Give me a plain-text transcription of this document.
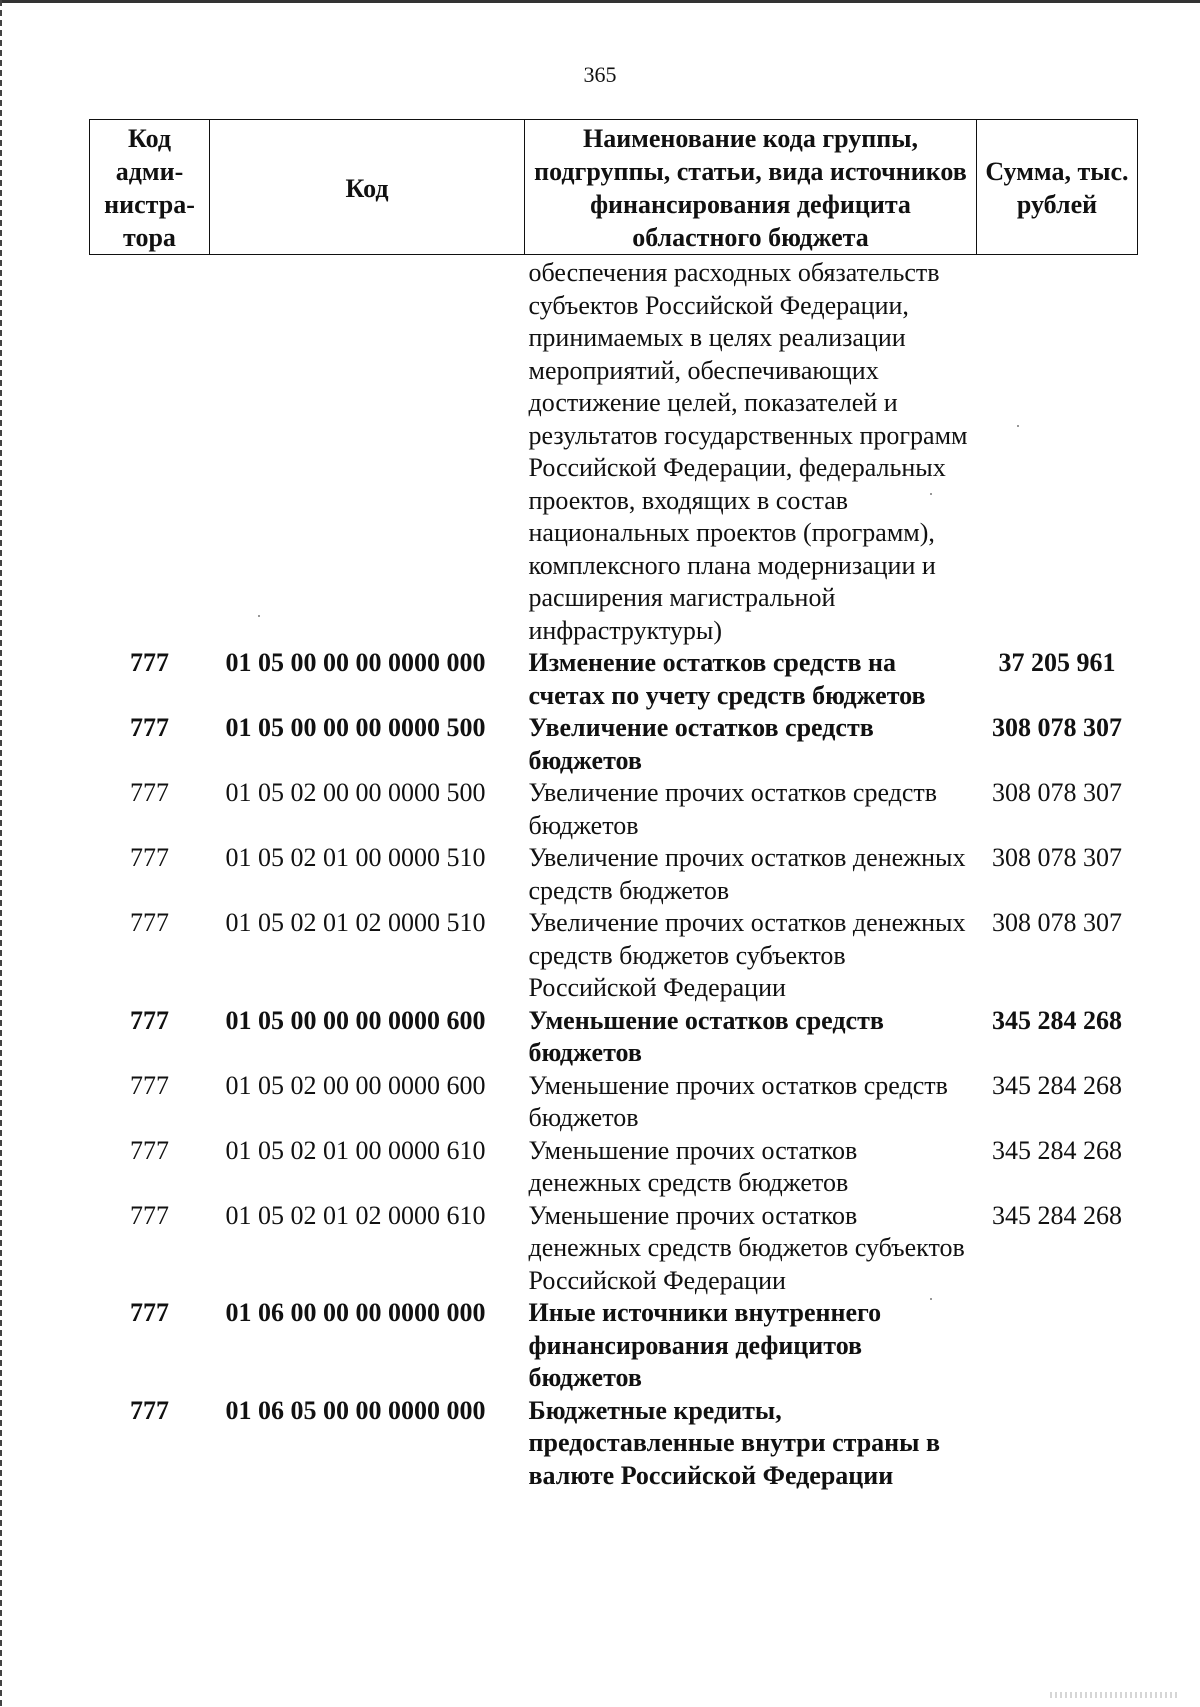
365
Код адми-нистра-тора	Код	Наименование кода группы, подгруппы, статьи, вида источников финансирования дефицита областного бюджета	Сумма, тыс. рублей
		обеспечения расходных обязательств субъектов Российской Федерации, принимаемых в целях реализации мероприятий, обеспечивающих достижение целей, показателей и результатов государственных программ Российской Федерации, федеральных проектов, входящих в состав национальных проектов (программ), комплексного плана модернизации и расширения магистральной инфраструктуры)	
777	01 05 00 00 00 0000 000	Изменение остатков средств на счетах по учету средств бюджетов	37 205 961
777	01 05 00 00 00 0000 500	Увеличение остатков средств бюджетов	308 078 307
777	01 05 02 00 00 0000 500	Увеличение прочих остатков средств бюджетов	308 078 307
777	01 05 02 01 00 0000 510	Увеличение прочих остатков денежных средств бюджетов	308 078 307
777	01 05 02 01 02 0000 510	Увеличение прочих остатков денежных средств бюджетов субъектов Российской Федерации	308 078 307
777	01 05 00 00 00 0000 600	Уменьшение остатков средств бюджетов	345 284 268
777	01 05 02 00 00 0000 600	Уменьшение прочих остатков средств бюджетов	345 284 268
777	01 05 02 01 00 0000 610	Уменьшение прочих остатков денежных средств бюджетов	345 284 268
777	01 05 02 01 02 0000 610	Уменьшение прочих остатков денежных средств бюджетов субъектов Российской Федерации	345 284 268
777	01 06 00 00 00 0000 000	Иные источники внутреннего финансирования дефицитов бюджетов	
777	01 06 05 00 00 0000 000	Бюджетные кредиты, предоставленные внутри страны в валюте Российской Федерации	
